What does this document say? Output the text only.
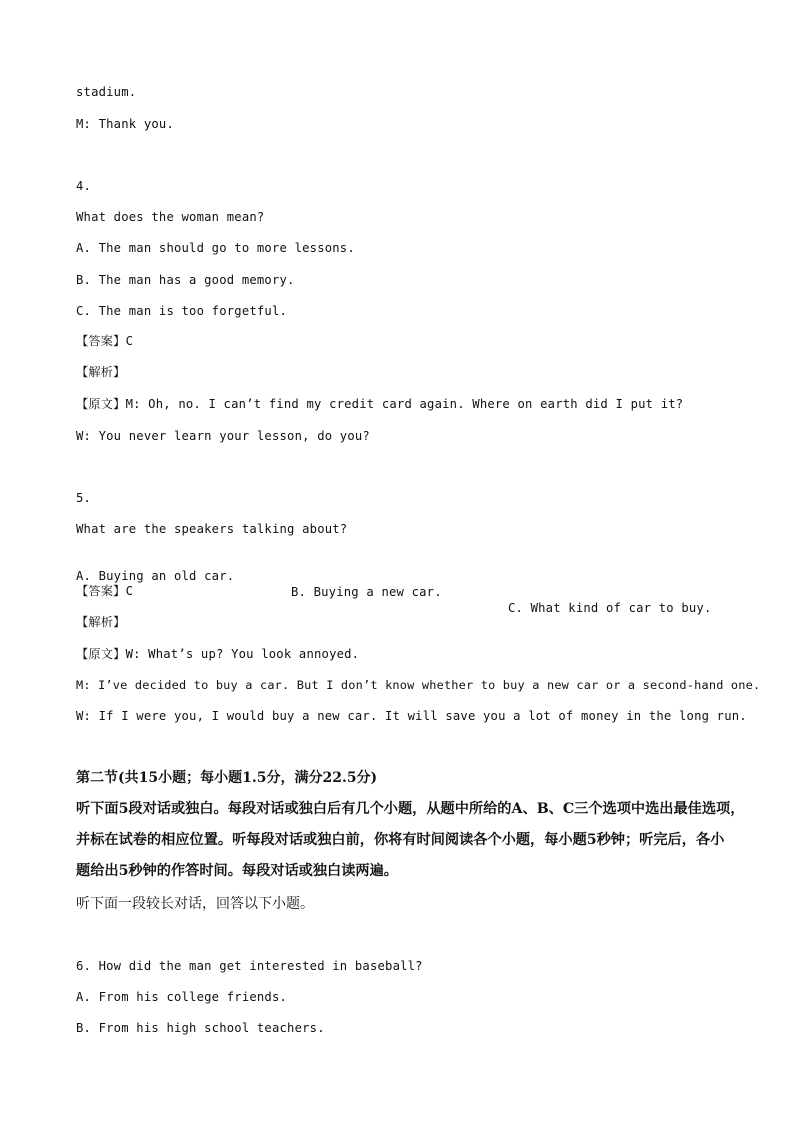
stadium.

M: Thank you.

4.

What does the woman mean?

A. The man should go to more lessons.

B. The man has a good memory.

C. The man is too forgetful.

【答案】C

【解析】

【原文】M: Oh, no. I can’t find my credit card again. Where on earth did I put it?

W: You never learn your lesson, do you?

5.

What are the speakers talking about?

A. Buying an old car.

B. Buying a new car.

C. What kind of car to buy.

【答案】C

【解析】

【原文】W: What’s up? You look annoyed.

M: I’ve decided to buy a car. But I don’t know whether to buy a new car or a second-hand one.

W: If I were you, I would buy a new car. It will save you a lot of money in the long run.

第二节(共15小题；每小题1.5分，满分22.5分)

听下面5段对话或独白。每段对话或独白后有几个小题，从题中所给的A、B、C三个选项中选出最佳选项，

并标在试卷的相应位置。听每段对话或独白前，你将有时间阅读各个小题，每小题5秒钟；听完后，各小

题给出5秒钟的作答时间。每段对话或独白读两遍。

听下面一段较长对话，回答以下小题。

6. How did the man get interested in baseball?

A. From his college friends.

B. From his high school teachers.
